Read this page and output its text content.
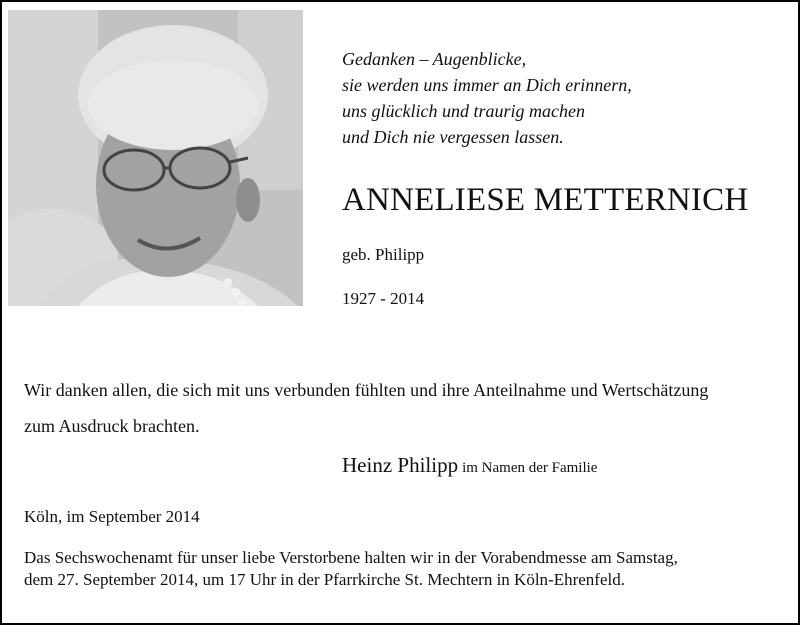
Gedanken – Augenblicke,
sie werden uns immer an Dich erinnern,
uns glücklich und traurig machen
und Dich nie vergessen lassen.
ANNELIESE METTERNICH
geb. Philipp
1927 - 2014
Wir danken allen, die sich mit uns verbunden fühlten und ihre Anteilnahme und Wertschätzung
zum Ausdruck brachten.
Heinz Philipp im Namen der Familie
Köln, im September 2014
Das Sechswochenamt für unser liebe Verstorbene halten wir in der Vorabendmesse am Samstag,
dem 27. September 2014, um 17 Uhr in der Pfarrkirche St. Mechtern in Köln-Ehrenfeld.
